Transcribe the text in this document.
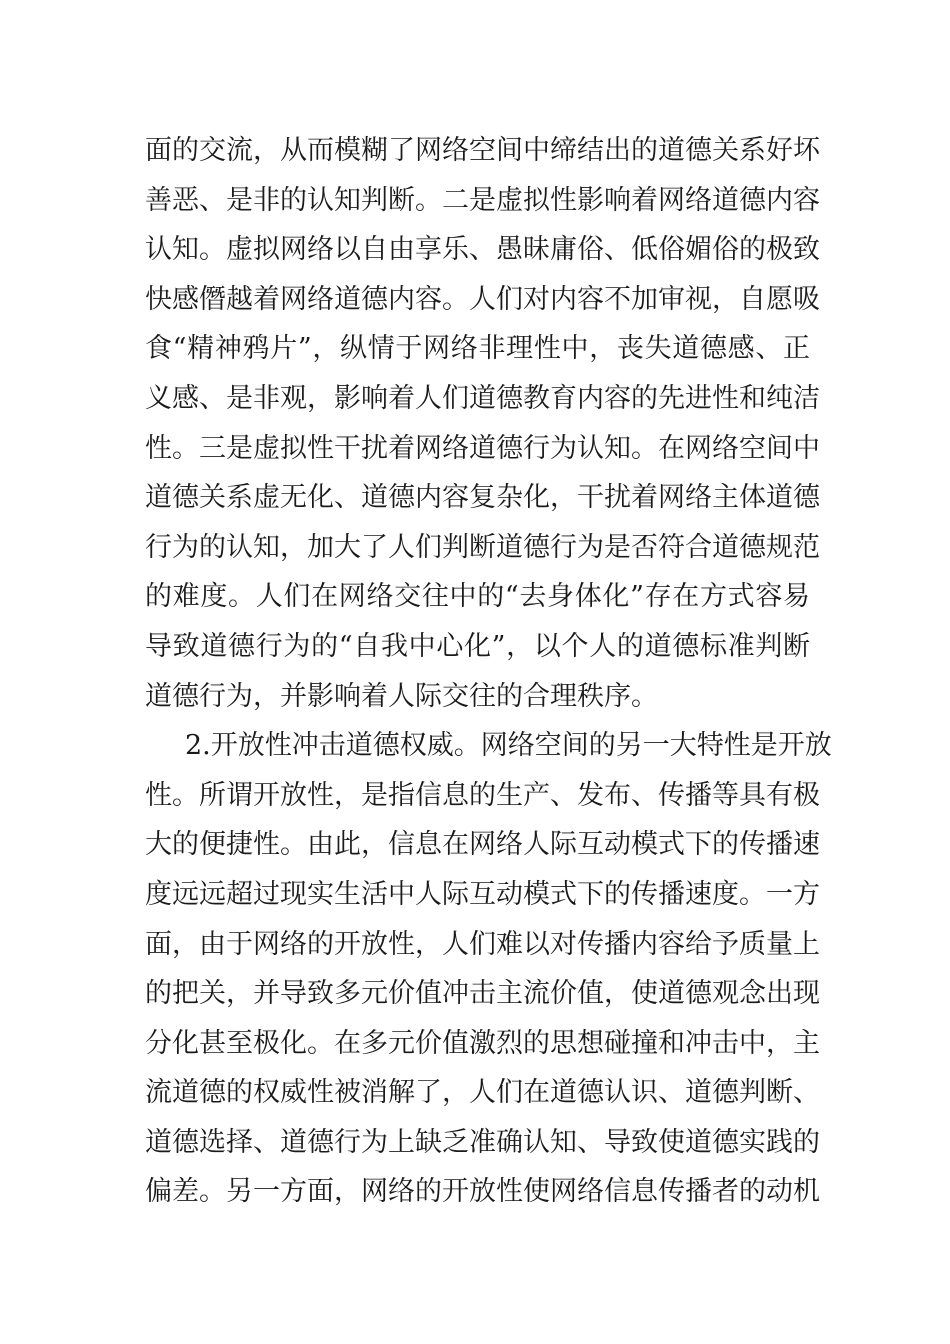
面的交流，从而模糊了网络空间中缔结出的道德关系好坏
善恶、是非的认知判断。二是虚拟性影响着网络道德内容
认知。虚拟网络以自由享乐、愚昧庸俗、低俗媚俗的极致
快感僭越着网络道德内容。人们对内容不加审视，自愿吸
食“精神鸦片”，纵情于网络非理性中，丧失道德感、正
义感、是非观，影响着人们道德教育内容的先进性和纯洁
性。三是虚拟性干扰着网络道德行为认知。在网络空间中
道德关系虚无化、道德内容复杂化，干扰着网络主体道德
行为的认知，加大了人们判断道德行为是否符合道德规范
的难度。人们在网络交往中的“去身体化”存在方式容易
导致道德行为的“自我中心化”，以个人的道德标准判断
道德行为，并影响着人际交往的合理秩序。
2.开放性冲击道德权威。网络空间的另一大特性是开放
性。所谓开放性，是指信息的生产、发布、传播等具有极
大的便捷性。由此，信息在网络人际互动模式下的传播速
度远远超过现实生活中人际互动模式下的传播速度。一方
面，由于网络的开放性，人们难以对传播内容给予质量上
的把关，并导致多元价值冲击主流价值，使道德观念出现
分化甚至极化。在多元价值激烈的思想碰撞和冲击中，主
流道德的权威性被消解了，人们在道德认识、道德判断、
道德选择、道德行为上缺乏准确认知、导致使道德实践的
偏差。另一方面，网络的开放性使网络信息传播者的动机
